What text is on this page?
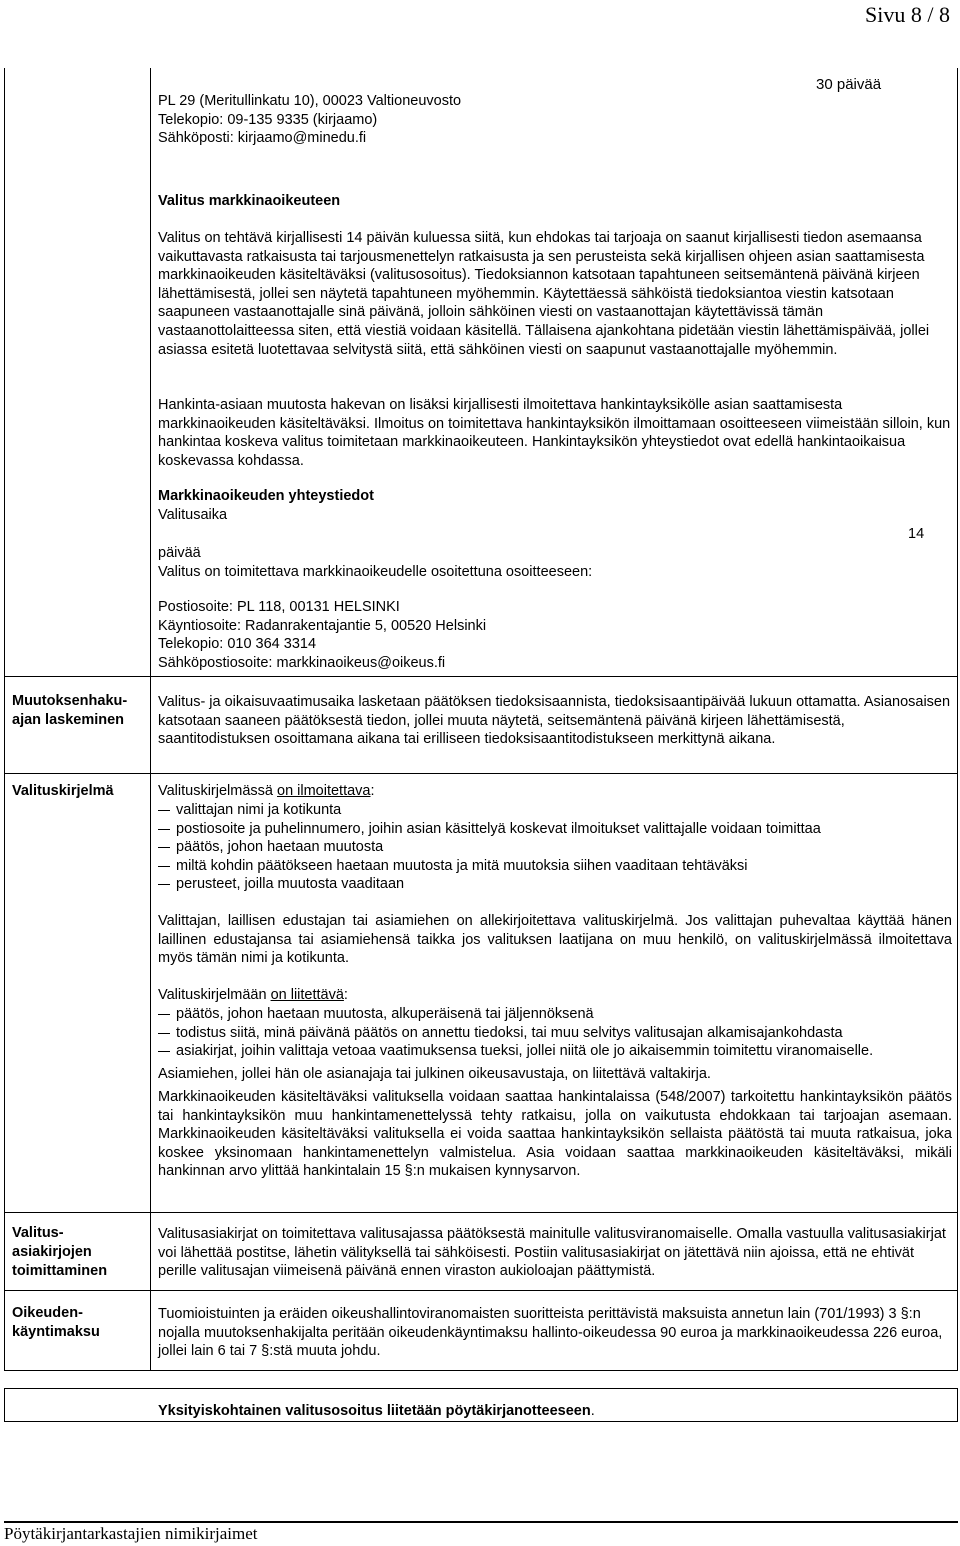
Sivu 8 / 8
Yksityiskohtainen valitusosoitus liitetään pöytäkirjanotteeseen.
Pöytäkirjantarkastajien nimikirjaimet
PL 29 (Meritullinkatu 10), 00023 Valtioneuvosto
Telekopio: 09-135 9335 (kirjaamo)
Sähköposti: kirjaamo@minedu.fi
30 päivää
Valitus markkinaoikeuteen

Valitus on tehtävä kirjallisesti 14 päivän kuluessa siitä, kun ehdokas tai tarjoaja on saanut kirjallisesti tiedon asemaansa vaikuttavasta ratkaisusta tai tarjousmenettelyn ratkaisusta ja sen perusteista sekä kirjallisen ohjeen asian saattamisesta markkinaoikeuden käsiteltäväksi (valitusosoitus). Tiedoksiannon katsotaan tapahtuneen seitsemäntenä päivänä kirjeen lähettämisestä, jollei sen näytetä tapahtuneen myöhemmin. Käytettäessä sähköistä tiedoksiantoa viestin katsotaan saapuneen vastaanottajalle sinä päivänä, jolloin sähköinen viesti on vastaanottajan käytettävissä tämän vastaanottolaitteessa siten, että viestiä voidaan käsitellä. Tällaisena ajankohtana pidetään viestin lähettämispäivää, jollei asiassa esitetä luotettavaa selvitystä siitä, että sähköinen viesti on saapunut vastaanottajalle myöhemmin.

Hankinta-asiaan muutosta hakevan on lisäksi kirjallisesti ilmoitettava hankintayksikölle asian saattamisesta markkinaoikeuden käsiteltäväksi. Ilmoitus on toimitettava hankintayksikön ilmoittamaan osoitteeseen viimeistään silloin, kun hankintaa koskeva valitus toimitetaan markkinaoikeuteen. Hankintayksikön yhteystiedot ovat edellä hankintaoikaisua koskevassa kohdassa.

Markkinaoikeuden yhteystiedot
Valitusaika
14
päivää
Valitus on toimitettava markkinaoikeudelle osoitettuna osoitteeseen:
Postiosoite: PL 118, 00131 HELSINKI
Käyntiosoite: Radanrakentajantie 5, 00520 Helsinki
Telekopio: 010 364 3314
Sähköpostiosoite: markkinaoikeus@oikeus.fi
Muutoksenhaku-ajan laskeminen

Valitus- ja oikaisuvaatimusaika lasketaan päätöksen tiedoksisaannista, tiedoksisaantipäivää lukuun ottamatta. Asianosaisen katsotaan saaneen päätöksestä tiedon, jollei muuta näytetä, seitsemäntenä päivänä kirjeen lähettämisestä, saantitodistuksen osoittamana aikana tai erilliseen tiedoksisaantitodistukseen merkittynä aikana.

Valituskirjelmä	Valituskirjelmässä on ilmoitettava:
valittajan nimi ja kotikunta
postiosoite ja puhelinnumero, joihin asian käsittelyä koskevat ilmoitukset valittajalle voidaan toimittaa
päätös, johon haetaan muutosta
miltä kohdin päätökseen haetaan muutosta ja mitä muutoksia siihen vaaditaan tehtäväksi
perusteet, joilla muutosta vaaditaan

Valittajan, laillisen edustajan tai asiamiehen on allekirjoitettava valituskirjelmä. Jos valittajan puhevaltaa käyttää hänen laillinen edustajansa tai asiamiehensä taikka jos valituksen laatijana on muu henkilö, on valituskirjelmässä ilmoitettava myös tämän nimi ja kotikunta.

Valituskirjelmään on liitettävä:
päätös, johon haetaan muutosta, alkuperäisenä tai jäljennöksenä
todistus siitä, minä päivänä päätös on annettu tiedoksi, tai muu selvitys valitusajan alkamisajankohdasta
asiakirjat, joihin valittaja vetoaa vaatimuksensa tueksi, jollei niitä ole jo aikaisemmin toimitettu viranomaiselle.

Asiamiehen, jollei hän ole asianajaja tai julkinen oikeusavustaja, on liitettävä valtakirja.

Markkinaoikeuden käsiteltäväksi valituksella voidaan saattaa hankintalaissa (548/2007) tarkoitettu hankintayksikön päätös tai hankintayksikön muu hankintamenettelyssä tehty ratkaisu, jolla on vaikutusta ehdokkaan tai tarjoajan asemaan. Markkinaoikeuden käsiteltäväksi valituksella ei voida saattaa hankintayksikön sellaista päätöstä tai muuta ratkaisua, joka koskee yksinomaan hankintamenettelyn valmistelua. Asia voidaan saattaa markkinaoikeuden käsiteltäväksi, mikäli hankinnan arvo ylittää hankintalain 15 §:n mukaisen kynnysarvon.

Valitus-asiakirjojen toimittaminen

Valitusasiakirjat on toimitettava valitusajassa päätöksestä mainitulle valitusviranomaiselle. Omalla vastuulla valitusasiakirjat voi lähettää postitse, lähetin välityksellä tai sähköisesti. Postiin valitusasiakirjat on jätettävä niin ajoissa, että ne ehtivät perille valitusajan viimeisenä päivänä ennen viraston aukioloajan päättymistä.

Oikeuden-käyntimaksu

Tuomioistuinten ja eräiden oikeushallintoviranomaisten suoritteista perittävistä maksuista annetun lain (701/1993) 3 §:n nojalla muutoksenhakijalta peritään oikeudenkäyntimaksu hallinto-oikeudessa 90 euroa ja markkinaoikeudessa 226 euroa, jollei lain 6 tai 7 §:stä muuta johdu.
